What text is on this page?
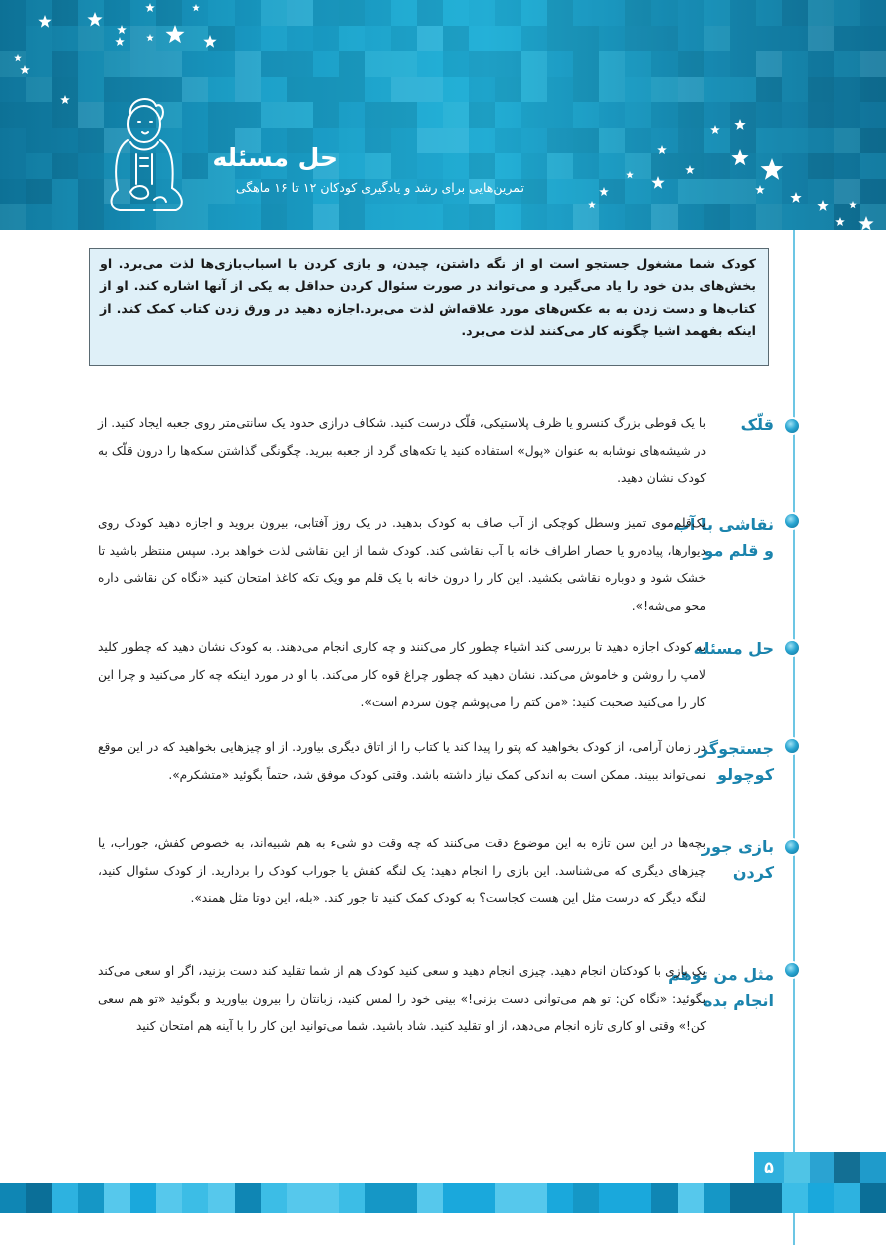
حل مسئله
تمرین‌هایی برای رشد و یادگیری کودکان ۱۲ تا ۱۶ ماهگی
کودک شما مشغول جستجو است او از نگه داشتن، چیدن، و بازی کردن با اسباب‌بازی‌ها لذت می‌برد. او بخش‌های بدن خود را یاد می‌گیرد و می‌تواند در صورت سئوال کردن حداقل به یکی از آنها اشاره کند. او از کتاب‌ها و دست زدن به به عکس‌های مورد علاقه‌اش لذت می‌برد.اجازه دهید در ورق زدن کتاب کمک کند. از اینکه بفهمد اشیا چگونه کار می‌کنند لذت می‌برد.
قلّک
با یک قوطی بزرگ کنسرو یا ظرف پلاستیکی، قلّک درست کنید. شکاف درازی حدود یک سانتی‌متر روی جعبه ایجاد کنید. از در شیشه‌های نوشابه به عنوان «پول» استفاده کنید یا تکه‌های گرد از جعبه ببرید. چگونگی گذاشتن سکه‌ها را درون قلّک به کودک نشان دهید.
نقاشی با آب و قلم مو
یک‌قلم‌موی تمیز وسطل کوچکی از آب صاف به کودک بدهید. در یک روز آفتابی، بیرون بروید و اجازه دهید کودک روی دیوارها، پیاده‌رو یا حصار اطراف خانه با آب نقاشی کند. کودک شما از این نقاشی لذت خواهد برد. سپس منتظر باشید تا خشک شود و دوباره نقاشی بکشید. این کار را درون خانه با یک قلم مو ویک تکه کاغذ امتحان کنید «نگاه کن نقاشی داره محو می‌شه!».
حل مسئله
به کودک اجازه دهید تا بررسی کند اشیاء چطور کار می‌کنند و چه کاری انجام می‌دهند. به کودک نشان دهید که چطور کلید لامپ را روشن و خاموش می‌کند. نشان دهید که چطور چراغ قوه کار می‌کند. با او در مورد اینکه چه کار می‌کنید و چرا این کار را می‌کنید صحبت کنید: «من کتم را می‌پوشم چون سردم است».
جستجوگر کوچولو
در زمان آرامی، از کودک بخواهید که پتو را پیدا کند یا کتاب را از اتاق دیگری بیاورد. از او چیزهایی بخواهید که در این موقع نمی‌تواند ببیند. ممکن است به اندکی کمک نیاز داشته باشد. وقتی کودک موفق شد، حتماً بگوئید «متشکرم».
بازی جور کردن
بچه‌ها در این سن تازه به این موضوع دقت می‌کنند که چه وقت دو شیء به هم شبیه‌اند، به خصوص کفش، جوراب، یا چیزهای دیگری که می‌شناسد. این بازی را انجام دهید: یک لنگه کفش یا جوراب کودک را بردارید. از کودک سئوال کنید، لنگه دیگر که درست مثل این هست کجاست؟ به کودک کمک کنید تا جور کند. «بله، این دوتا مثل همند».
مثل من توهم انجام بده
یک بازی با کودکتان انجام دهید. چیزی انجام دهید و سعی کنید کودک هم از شما تقلید کند دست بزنید، اگر او سعی می‌کند بگوئید: «نگاه کن: تو هم می‌توانی دست بزنی!» بینی خود را لمس کنید، زبانتان را بیرون بیاورید و بگوئید «تو هم سعی کن!» وقتی او کاری تازه انجام می‌دهد، از او تقلید کنید. شاد باشید. شما می‌توانید این کار را با آینه هم امتحان کنید
۵
